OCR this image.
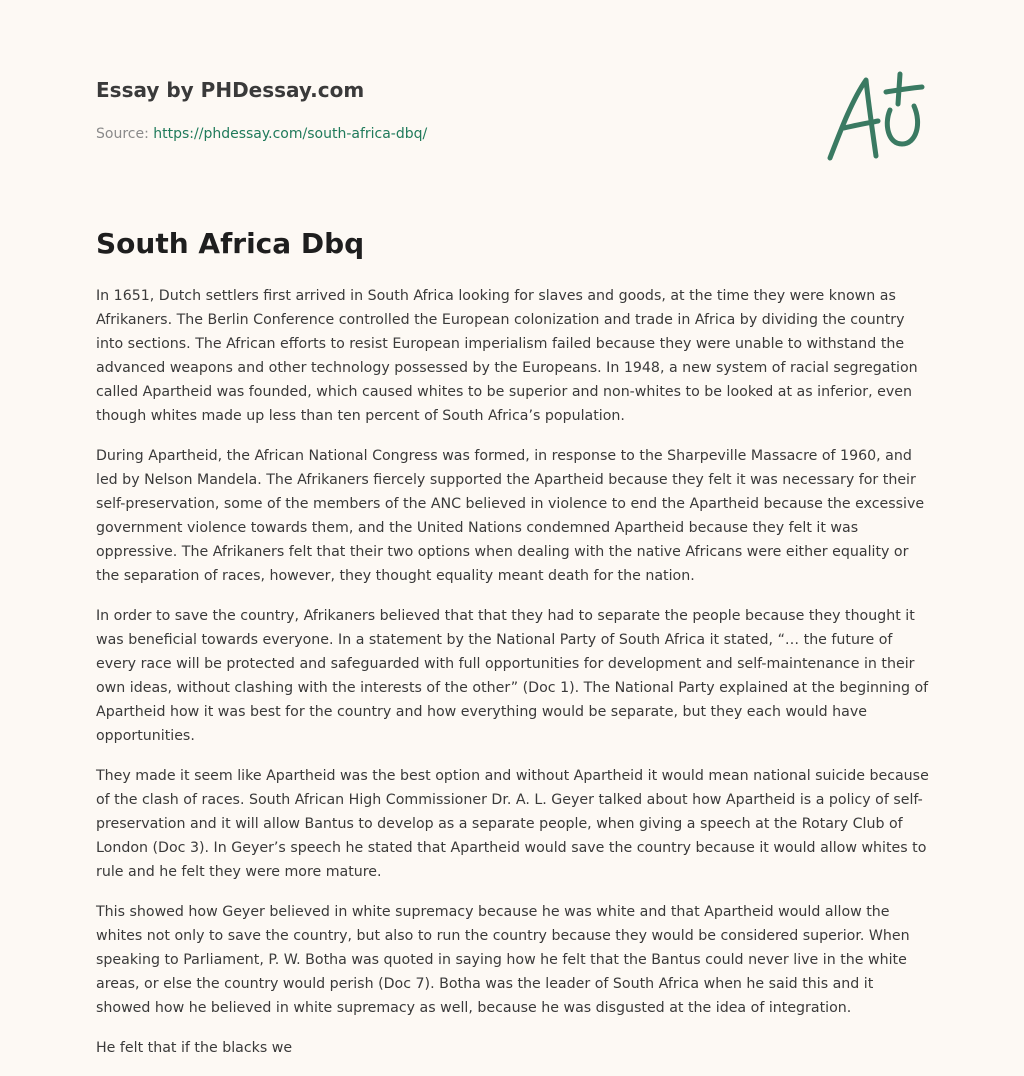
Essay by PHDessay.com
Source: https://phdessay.com/south-africa-dbq/
South Africa Dbq

In 1651, Dutch settlers first arrived in South Africa looking for slaves and goods, at the time they were known as Afrikaners. The Berlin Conference controlled the European colonization and trade in Africa by dividing the country into sections. The African efforts to resist European imperialism failed because they were unable to withstand the advanced weapons and other technology possessed by the Europeans. In 1948, a new system of racial segregation called Apartheid was founded, which caused whites to be superior and non-whites to be looked at as inferior, even though whites made up less than ten percent of South Africa’s population.

During Apartheid, the African National Congress was formed, in response to the Sharpeville Massacre of 1960, and led by Nelson Mandela. The Afrikaners fiercely supported the Apartheid because they felt it was necessary for their self-preservation, some of the members of the ANC believed in violence to end the Apartheid because the excessive government violence towards them, and the United Nations condemned Apartheid because they felt it was oppressive. The Afrikaners felt that their two options when dealing with the native Africans were either equality or the separation of races, however, they thought equality meant death for the nation.

In order to save the country, Afrikaners believed that that they had to separate the people because they thought it was beneficial towards everyone. In a statement by the National Party of South Africa it stated, “… the future of every race will be protected and safeguarded with full opportunities for development and self-maintenance in their own ideas, without clashing with the interests of the other” (Doc 1). The National Party explained at the beginning of Apartheid how it was best for the country and how everything would be separate, but they each would have opportunities.

They made it seem like Apartheid was the best option and without Apartheid it would mean national suicide because of the clash of races. South African High Commissioner Dr. A. L. Geyer talked about how Apartheid is a policy of self-preservation and it will allow Bantus to develop as a separate people, when giving a speech at the Rotary Club of London (Doc 3). In Geyer’s speech he stated that Apartheid would save the country because it would allow whites to rule and he felt they were more mature.

This showed how Geyer believed in white supremacy because he was white and that Apartheid would allow the whites not only to save the country, but also to run the country because they would be considered superior. When speaking to Parliament, P. W. Botha was quoted in saying how he felt that the Bantus could never live in the white areas, or else the country would perish (Doc 7). Botha was the leader of South Africa when he said this and it showed how he believed in white supremacy as well, because he was disgusted at the idea of integration.

He felt that if the blacks we
